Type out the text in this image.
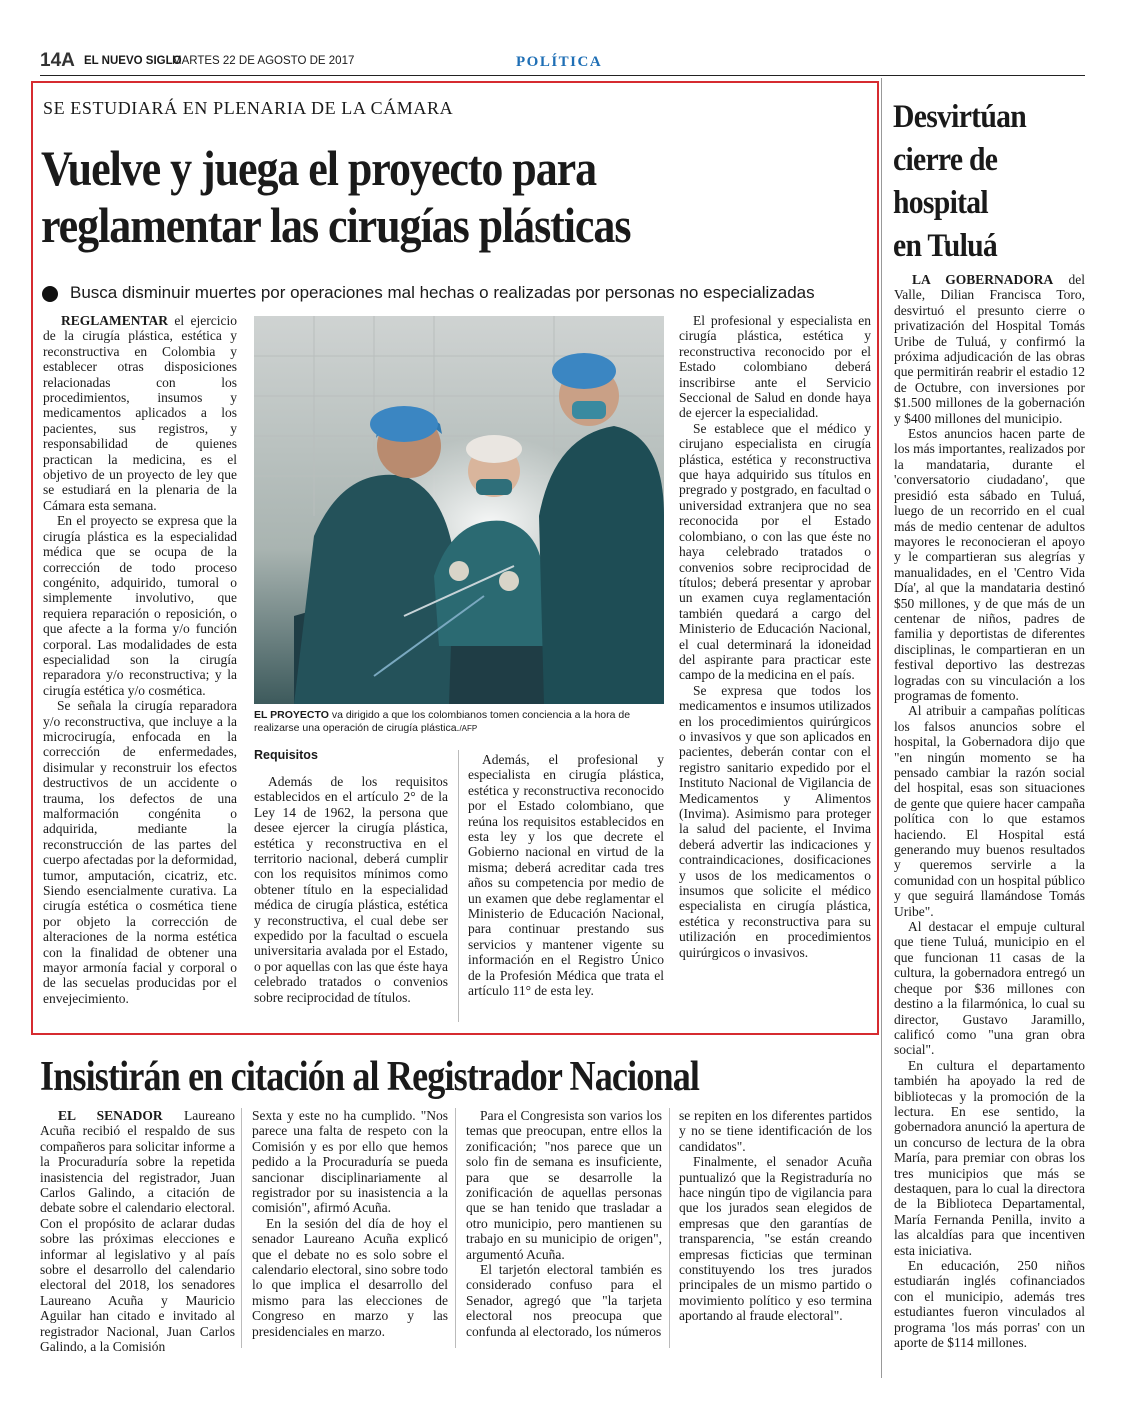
14A EL NUEVO SIGLO
MARTES 22 DE AGOSTO DE 2017	POLÍTICA
SE ESTUDIARÁ EN PLENARIA DE LA CÁMARA
Vuelve y juega el proyecto para
reglamentar las cirugías plásticas
Busca disminuir muertes por operaciones mal hechas o realizadas por personas no especializadas

REGLAMENTAR el ejercicio de la cirugía plástica, estética y reconstructiva en Colombia y establecer otras disposiciones relacionadas con los procedimientos, insumos y medicamentos aplicados a los pacientes, sus registros, y responsabilidad de quienes practican la medicina, es el objetivo de un proyecto de ley que se estudiará en la plenaria de la Cámara esta semana.

En el proyecto se expresa que la cirugía plástica es la especialidad médica que se ocupa de la corrección de todo proceso congénito, adquirido, tumoral o simplemente involutivo, que requiera reparación o reposición, o que afecte a la forma y/o función corporal. Las modalidades de esta especialidad son la cirugía reparadora y/o reconstructiva; y la cirugía estética y/o cosmética.

Se señala la cirugía reparadora y/o reconstructiva, que incluye a la microcirugía, enfocada en la corrección de enfermedades, disimular y reconstruir los efectos destructivos de un accidente o trauma, los defectos de una malformación congénita o adquirida, mediante la reconstrucción de las partes del cuerpo afectadas por la deformidad, tumor, amputación, cicatriz, etc. Siendo esencialmente curativa. La cirugía estética o cosmética tiene por objeto la corrección de alteraciones de la norma estética con la finalidad de obtener una mayor armonía facial y corporal o de las secuelas producidas por el envejecimiento.

EL PROYECTO va dirigido a que los colombianos tomen conciencia a la hora de realizarse una operación de cirugía plástica./AFP
Requisitos

Además de los requisitos establecidos en el artículo 2° de la Ley 14 de 1962, la persona que desee ejercer la cirugía plástica, estética y reconstructiva en el territorio nacional, deberá cumplir con los requisitos mínimos como obtener título en la especialidad médica de cirugía plástica, estética y reconstructiva, el cual debe ser expedido por la facultad o escuela universitaria avalada por el Estado, o por aquellas con las que éste haya celebrado tratados o convenios sobre reciprocidad de títulos.

Además, el profesional y especialista en cirugía plástica, estética y reconstructiva reconocido por el Estado colombiano, que reúna los requisitos establecidos en esta ley y los que decrete el Gobierno nacional en virtud de la misma; deberá acreditar cada tres años su competencia por medio de un examen que debe reglamentar el Ministerio de Educación Nacional, para continuar prestando sus servicios y mantener vigente su información en el Registro Único de la Profesión Médica que trata el artículo 11° de esta ley.

El profesional y especialista en cirugía plástica, estética y reconstructiva reconocido por el Estado colombiano deberá inscribirse ante el Servicio Seccional de Salud en donde haya de ejercer la especialidad.

Se establece que el médico y cirujano especialista en cirugía plástica, estética y reconstructiva que haya adquirido sus títulos en pregrado y postgrado, en facultad o universidad extranjera que no sea reconocida por el Estado colombiano, o con las que éste no haya celebrado tratados o convenios sobre reciprocidad de títulos; deberá presentar y aprobar un examen cuya reglamentación también quedará a cargo del Ministerio de Educación Nacional, el cual determinará la idoneidad del aspirante para practicar este campo de la medicina en el país.

Se expresa que todos los medicamentos e insumos utilizados en los procedimientos quirúrgicos o invasivos y que son aplicados en pacientes, deberán contar con el registro sanitario expedido por el Instituto Nacional de Vigilancia de Medicamentos y Alimentos (Invima). Asimismo para proteger la salud del paciente, el Invima deberá advertir las indicaciones y contraindicaciones, dosificaciones y usos de los medicamentos o insumos que solicite el médico especialista en cirugía plástica, estética y reconstructiva para su utilización en procedimientos quirúrgicos o invasivos.

Desvirtúan
cierre de
hospital
en Tuluá

LA GOBERNADORA del Valle, Dilian Francisca Toro, desvirtuó el presunto cierre o privatización del Hospital Tomás Uribe de Tuluá, y confirmó la próxima adjudicación de las obras que permitirán reabrir el estadio 12 de Octubre, con inversiones por $1.500 millones de la gobernación y $400 millones del municipio.

Estos anuncios hacen parte de los más importantes, realizados por la mandataria, durante el 'conversatorio ciudadano', que presidió esta sábado en Tuluá, luego de un recorrido en el cual más de medio centenar de adultos mayores le reconocieran el apoyo y le compartieran sus alegrías y manualidades, en el 'Centro Vida Día', al que la mandataria destinó $50 millones, y de que más de un centenar de niños, padres de familia y deportistas de diferentes disciplinas, le compartieran en un festival deportivo las destrezas logradas con su vinculación a los programas de fomento.

Al atribuir a campañas políticas los falsos anuncios sobre el hospital, la Gobernadora dijo que "en ningún momento se ha pensado cambiar la razón social del hospital, esas son situaciones de gente que quiere hacer campaña política con lo que estamos haciendo. El Hospital está generando muy buenos resultados y queremos servirle a la comunidad con un hospital público y que seguirá llamándose Tomás Uribe".

Al destacar el empuje cultural que tiene Tuluá, municipio en el que funcionan 11 casas de la cultura, la gobernadora entregó un cheque por $36 millones con destino a la filarmónica, lo cual su director, Gustavo Jaramillo, calificó como "una gran obra social".

En cultura el departamento también ha apoyado la red de bibliotecas y la promoción de la lectura. En ese sentido, la gobernadora anunció la apertura de un concurso de lectura de la obra María, para premiar con obras los tres municipios que más se destaquen, para lo cual la directora de la Biblioteca Departamental, María Fernanda Penilla, invito a las alcaldías para que incentiven esta iniciativa.

En educación, 250 niños estudiarán inglés cofinanciados con el municipio, además tres estudiantes fueron vinculados al programa 'los más porras' con un aporte de $114 millones.

Insistirán en citación al Registrador Nacional

EL SENADOR Laureano Acuña recibió el respaldo de sus compañeros para solicitar informe a la Procuraduría sobre la repetida inasistencia del registrador, Juan Carlos Galindo, a citación de debate sobre el calendario electoral. Con el propósito de aclarar dudas sobre las próximas elecciones e informar al legislativo y al país sobre el desarrollo del calendario electoral del 2018, los senadores Laureano Acuña y Mauricio Aguilar han citado e invitado al registrador Nacional, Juan Carlos Galindo, a la Comisión

Sexta y este no ha cumplido. "Nos parece una falta de respeto con la Comisión y es por ello que hemos pedido a la Procuraduría se pueda sancionar disciplinariamente al registrador por su inasistencia a la comisión", afirmó Acuña.

En la sesión del día de hoy el senador Laureano Acuña explicó que el debate no es solo sobre el calendario electoral, sino sobre todo lo que implica el desarrollo del mismo para las elecciones de Congreso en marzo y las presidenciales en marzo.

Para el Congresista son varios los temas que preocupan, entre ellos la zonificación; "nos parece que un solo fin de semana es insuficiente, para que se desarrolle la zonificación de aquellas personas que se han tenido que trasladar a otro municipio, pero mantienen su trabajo en su municipio de origen", argumentó Acuña.

El tarjetón electoral también es considerado confuso para el Senador, agregó que "la tarjeta electoral nos preocupa que confunda al electorado, los números

se repiten en los diferentes partidos y no se tiene identificación de los candidatos".

Finalmente, el senador Acuña puntualizó que la Registraduría no hace ningún tipo de vigilancia para que los jurados sean elegidos de empresas que den garantías de transparencia, "se están creando empresas ficticias que terminan constituyendo los tres jurados principales de un mismo partido o movimiento político y eso termina aportando al fraude electoral".
